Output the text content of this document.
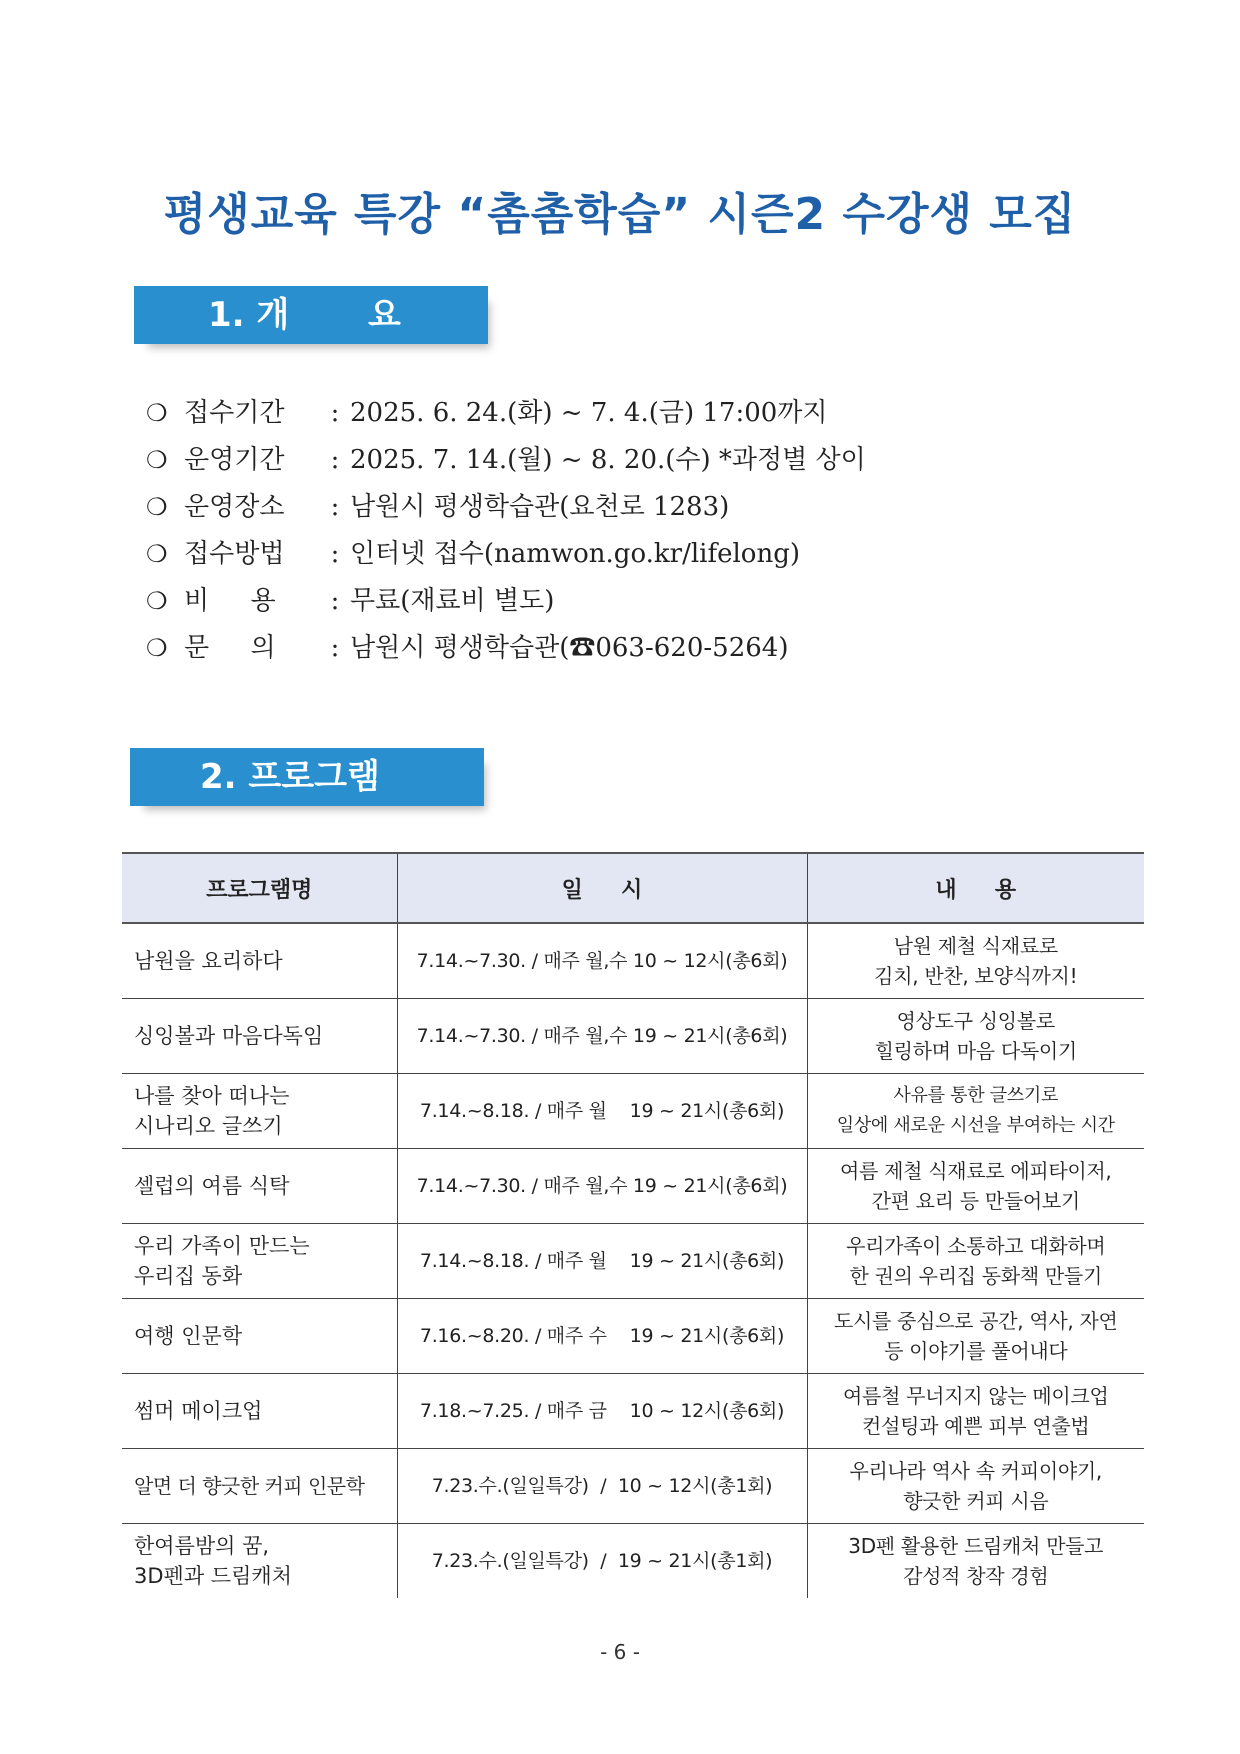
평생교육 특강 “촘촘학습” 시즌2 수강생 모집
1. 개 요
❍ 접수기간 : 2025. 6. 24.(화) ~ 7. 4.(금) 17:00까지
❍ 운영기간 : 2025. 7. 14.(월) ~ 8. 20.(수) *과정별 상이
❍ 운영장소 : 남원시 평생학습관(요천로 1283)
❍ 접수방법 : 인터넷 접수(namwon.go.kr/lifelong)
❍ 비     용 : 무료(재료비 별도)
❍ 문     의 : 남원시 평생학습관(☎063-620-5264)
2. 프로그램
프로그램명	일     시	내     용
남원을 요리하다	7.14.~7.30. / 매주 월,수 10 ~ 12시(총6회)	남원 제철 식재료로
김치, 반찬, 보양식까지!
싱잉볼과 마음다독임	7.14.~7.30. / 매주 월,수 19 ~ 21시(총6회)	영상도구 싱잉볼로
힐링하며 마음 다독이기
나를 찾아 떠나는
시나리오 글쓰기	7.14.~8.18. / 매주 월    19 ~ 21시(총6회)	사유를 통한 글쓰기로
일상에 새로운 시선을 부여하는 시간
셀럽의 여름 식탁	7.14.~7.30. / 매주 월,수 19 ~ 21시(총6회)	여름 제철 식재료로 에피타이저,
간편 요리 등 만들어보기
우리 가족이 만드는
우리집 동화	7.14.~8.18. / 매주 월    19 ~ 21시(총6회)	우리가족이 소통하고 대화하며
한 권의 우리집 동화책 만들기
여행 인문학	7.16.~8.20. / 매주 수    19 ~ 21시(총6회)	도시를 중심으로 공간, 역사, 자연
등 이야기를 풀어내다
썸머 메이크업	7.18.~7.25. / 매주 금    10 ~ 12시(총6회)	여름철 무너지지 않는 메이크업
컨설팅과 예쁜 피부 연출법
알면 더 향긋한 커피 인문학	7.23.수.(일일특강)  /  10 ~ 12시(총1회)	우리나라 역사 속 커피이야기,
향긋한 커피 시음
한여름밤의 꿈,
3D펜과 드림캐처	7.23.수.(일일특강)  /  19 ~ 21시(총1회)	3D펜 활용한 드림캐처 만들고
감성적 창작 경험
- 6 -
